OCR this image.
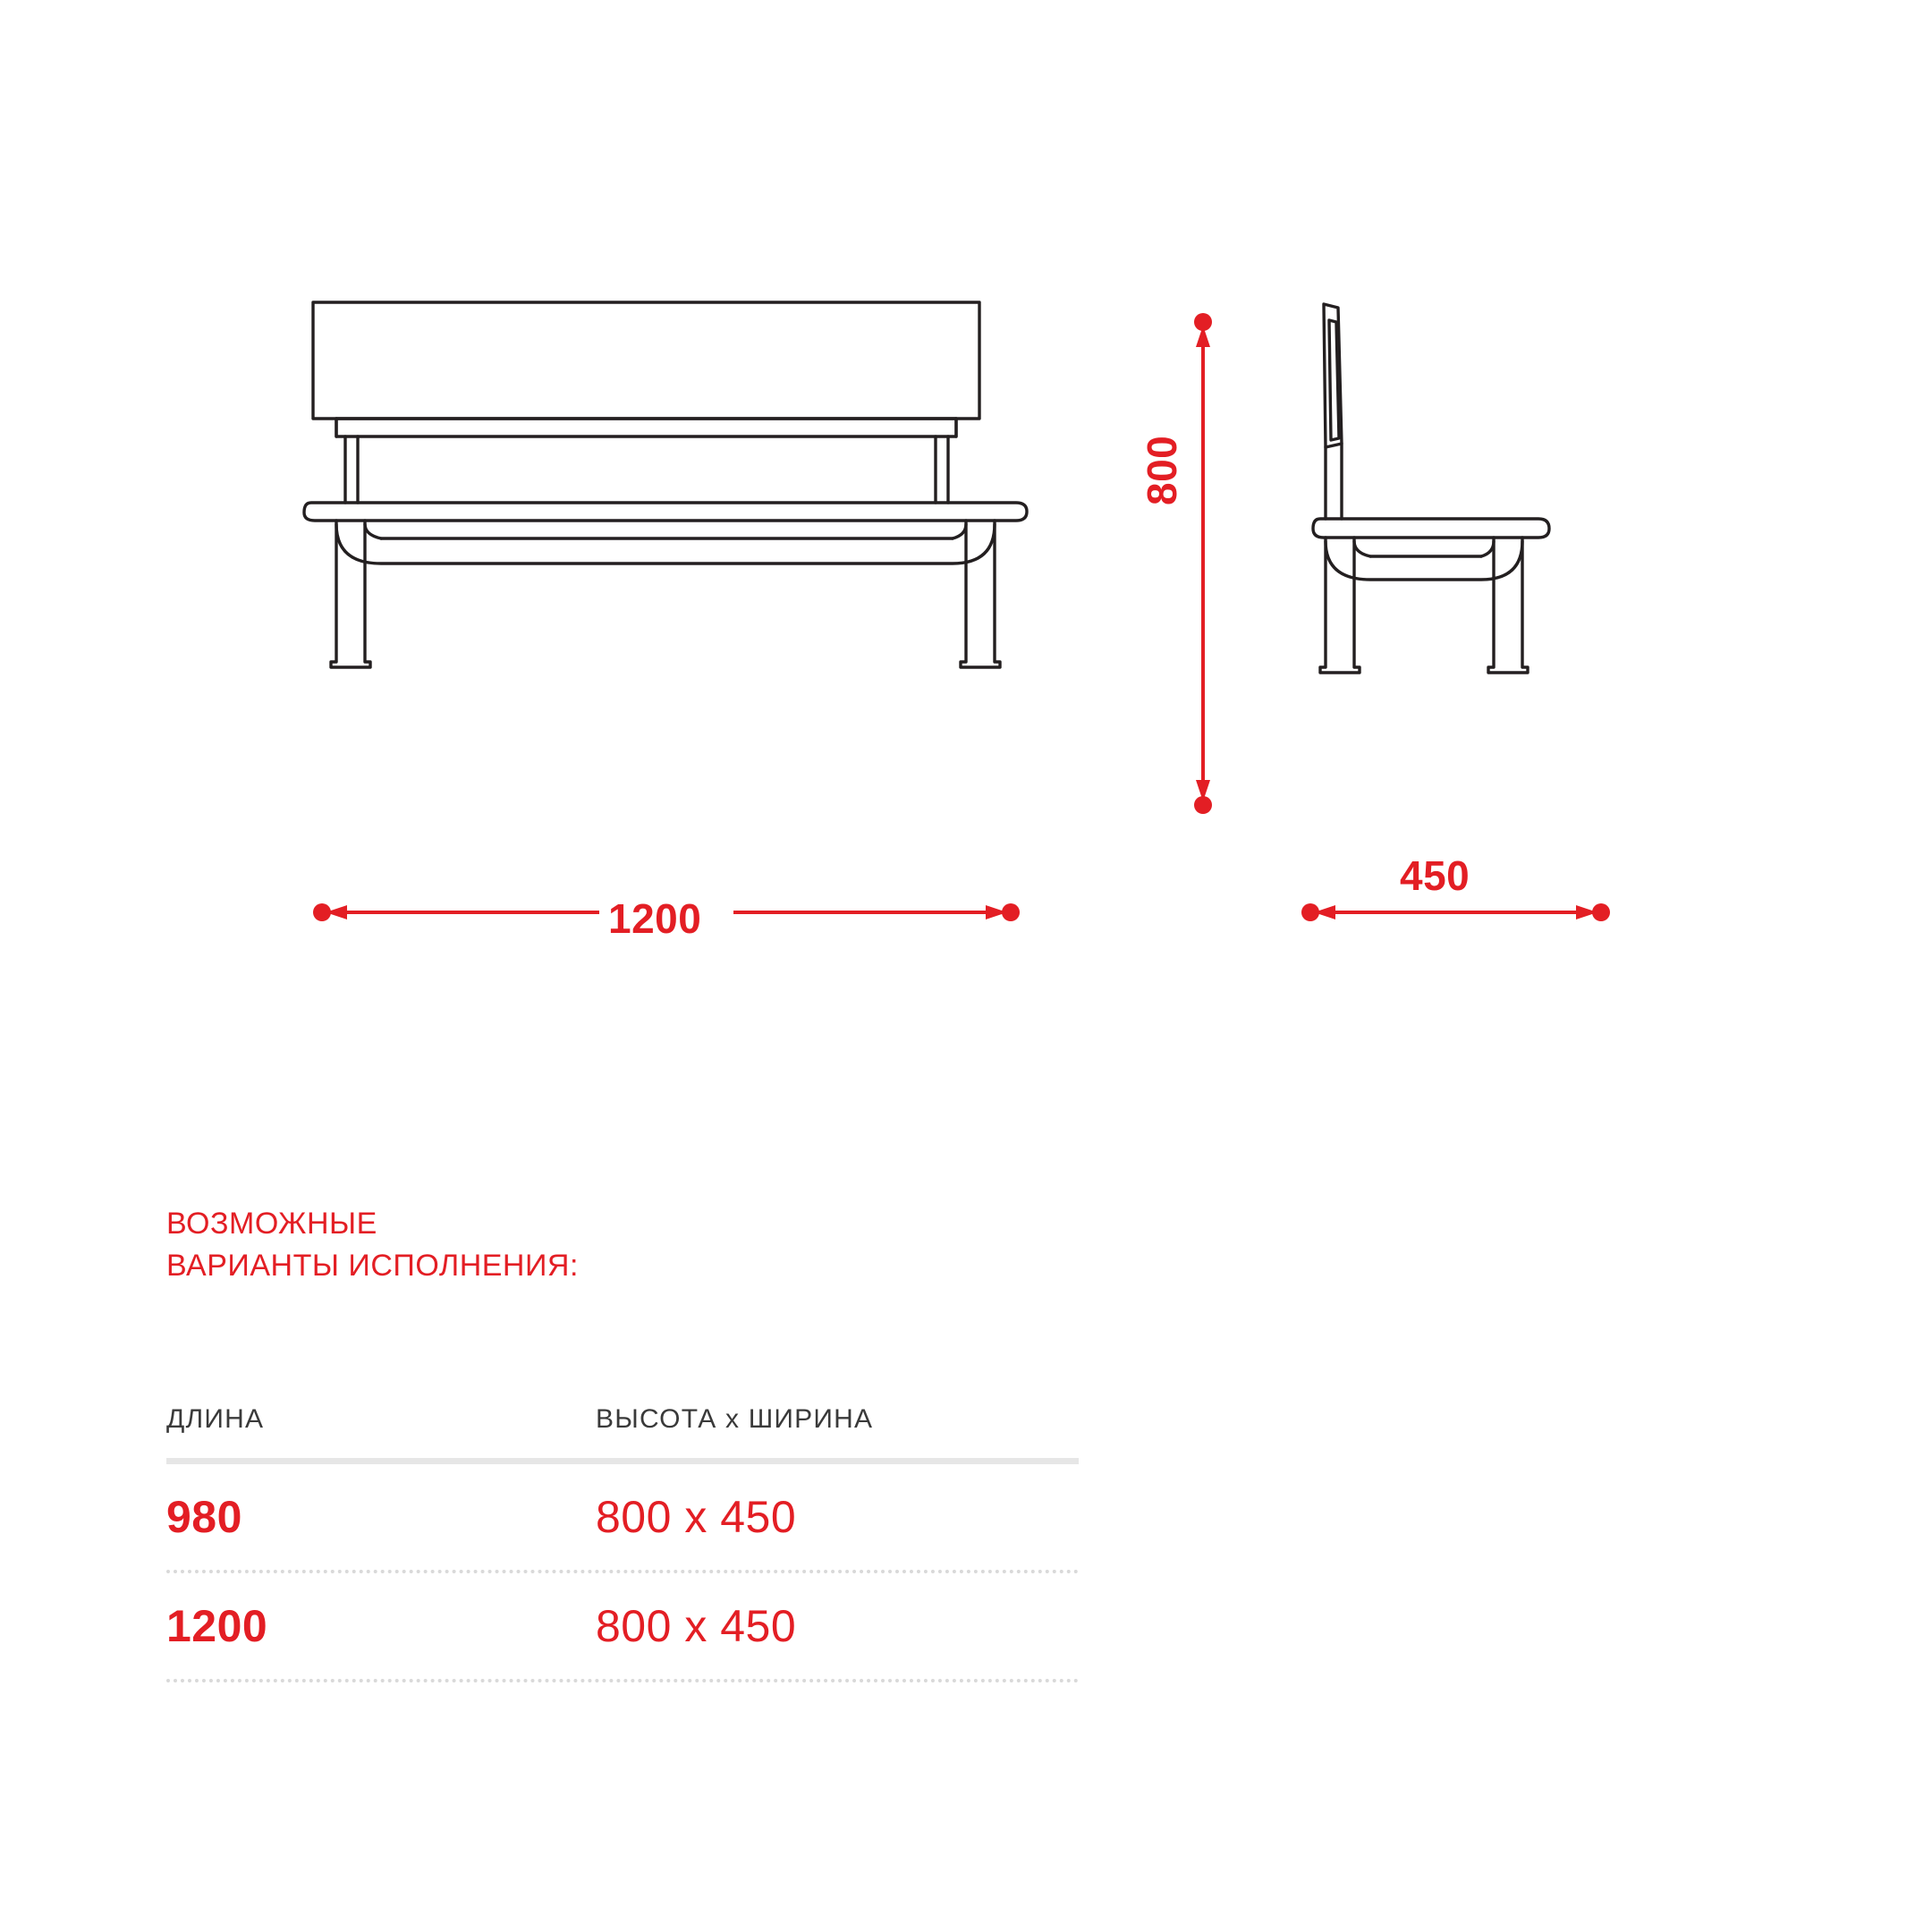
1200
800
450

ВОЗМОЖНЫЕ

ВАРИАНТЫ ИСПОЛНЕНИЯ:

ДЛИНА	ВЫСОТА х ШИРИНА
980	800 х 450
1200	800 х 450
